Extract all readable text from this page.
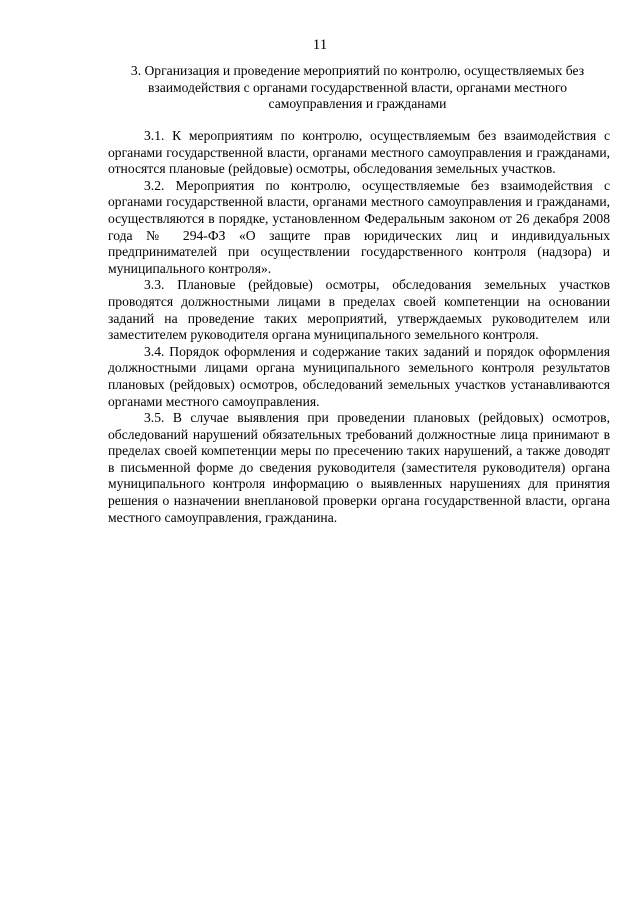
11
3. Организация и проведение мероприятий по контролю, осуществляемых без взаимодействия с органами государственной власти, органами местного самоуправления и гражданами

3.1. К мероприятиям по контролю, осуществляемым без взаимодействия с органами государственной власти, органами местного самоуправления и гражданами, относятся плановые (рейдовые) осмотры, обследования земельных участков.

3.2. Мероприятия по контролю, осуществляемые без взаимодействия с органами государственной власти, органами местного самоуправления и гражданами, осуществляются в порядке, установленном Федеральным законом от 26 декабря 2008 года № 294-ФЗ «О защите прав юридических лиц и индивидуальных предпринимателей при осуществлении государственного контроля (надзора) и муниципального контроля».

3.3. Плановые (рейдовые) осмотры, обследования земельных участков проводятся должностными лицами в пределах своей компетенции на основании заданий на проведение таких мероприятий, утверждаемых руководителем или заместителем руководителя органа муниципального земельного контроля.

3.4. Порядок оформления и содержание таких заданий и порядок оформления должностными лицами органа муниципального земельного контроля результатов плановых (рейдовых) осмотров, обследований земельных участков устанавливаются органами местного самоуправления.

3.5. В случае выявления при проведении плановых (рейдовых) осмотров, обследований нарушений обязательных требований должностные лица принимают в пределах своей компетенции меры по пресечению таких нарушений, а также доводят в письменной форме до сведения руководителя (заместителя руководителя) органа муниципального контроля информацию о выявленных нарушениях для принятия решения о назначении внеплановой проверки органа государственной власти, органа местного самоуправления, гражданина.
